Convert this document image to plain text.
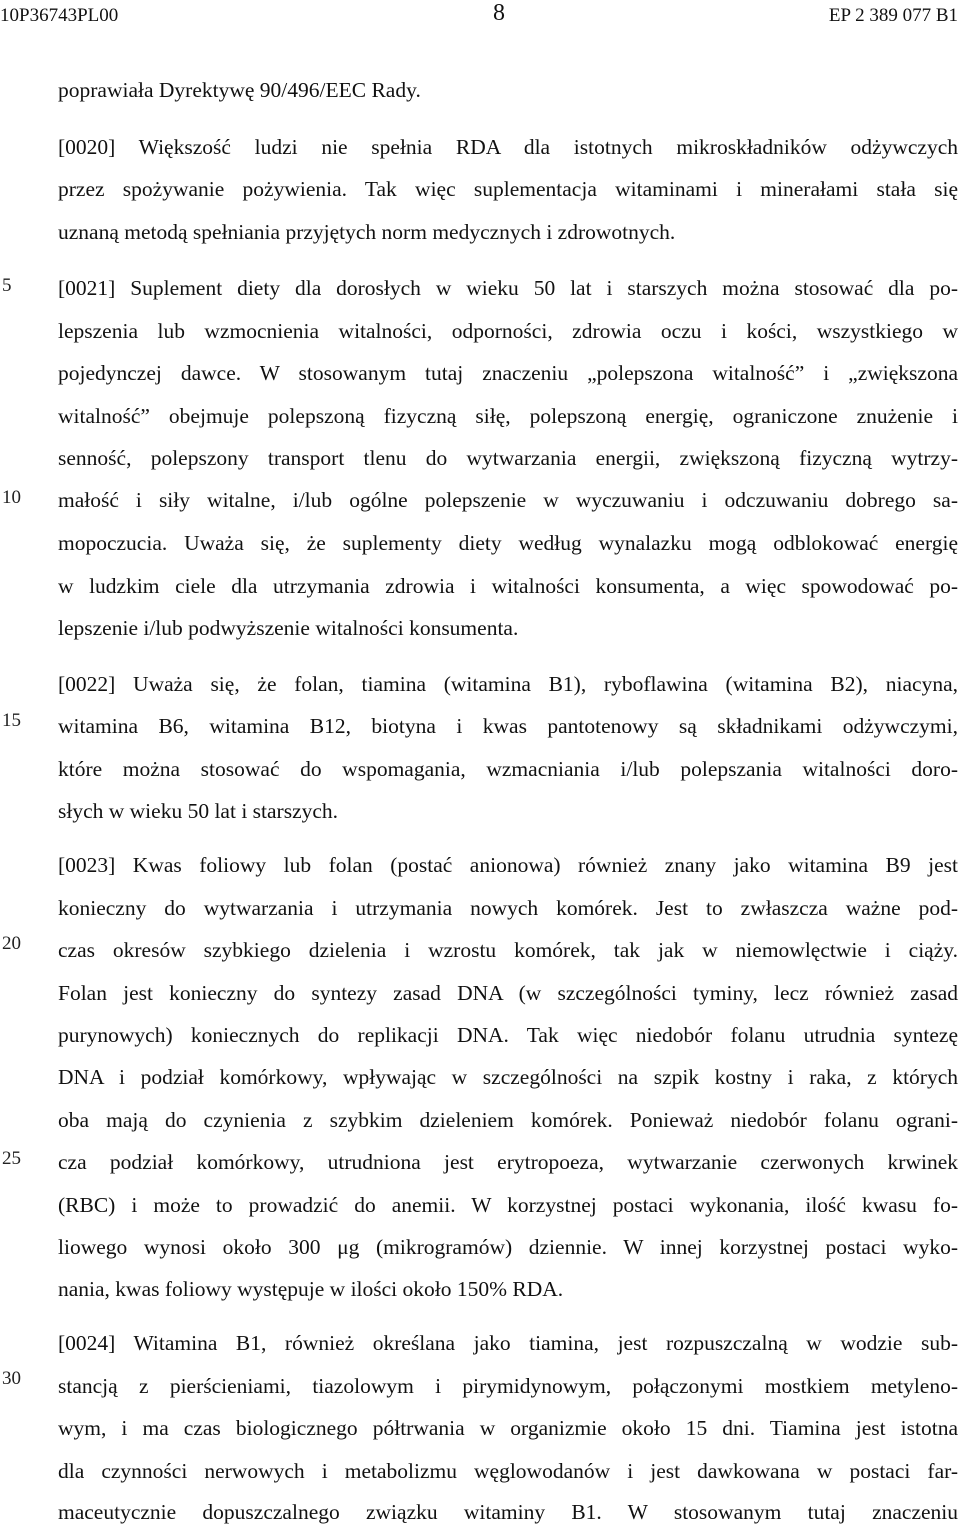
10P36743PL00	8	EP 2 389 077 B1
5
10
15
20
25
30
poprawiała Dyrektywę 90/496/EEC Rady.
[0020] Większość ludzi nie spełnia RDA dla istotnych mikroskładników odżywczych
przez spożywanie pożywienia. Tak więc suplementacja witaminami i minerałami stała się
uznaną metodą spełniania przyjętych norm medycznych i zdrowotnych.
[0021] Suplement diety dla dorosłych w wieku 50 lat i starszych można stosować dla po-
lepszenia lub wzmocnienia witalności, odporności, zdrowia oczu i kości, wszystkiego w
pojedynczej dawce. W stosowanym tutaj znaczeniu „polepszona witalność” i „zwiększona
witalność” obejmuje polepszoną fizyczną siłę, polepszoną energię, ograniczone znużenie i
senność, polepszony transport tlenu do wytwarzania energii, zwiększoną fizyczną wytrzy-
małość i siły witalne, i/lub ogólne polepszenie w wyczuwaniu i odczuwaniu dobrego sa-
mopoczucia. Uważa się, że suplementy diety według wynalazku mogą odblokować energię
w ludzkim ciele dla utrzymania zdrowia i witalności konsumenta, a więc spowodować po-
lepszenie i/lub podwyższenie witalności konsumenta.
[0022] Uważa się, że folan, tiamina (witamina B1), ryboflawina (witamina B2), niacyna,
witamina B6, witamina B12, biotyna i kwas pantotenowy są składnikami odżywczymi,
które można stosować do wspomagania, wzmacniania i/lub polepszania witalności doro-
słych w wieku 50 lat i starszych.
[0023] Kwas foliowy lub folan (postać anionowa) również znany jako witamina B9 jest
konieczny do wytwarzania i utrzymania nowych komórek. Jest to zwłaszcza ważne pod-
czas okresów szybkiego dzielenia i wzrostu komórek, tak jak w niemowlęctwie i ciąży.
Folan jest konieczny do syntezy zasad DNA (w szczególności tyminy, lecz również zasad
purynowych) koniecznych do replikacji DNA. Tak więc niedobór folanu utrudnia syntezę
DNA i podział komórkowy, wpływając w szczególności na szpik kostny i raka, z których
oba mają do czynienia z szybkim dzieleniem komórek. Ponieważ niedobór folanu ograni-
cza podział komórkowy, utrudniona jest erytropoeza, wytwarzanie czerwonych krwinek
(RBC) i może to prowadzić do anemii. W korzystnej postaci wykonania, ilość kwasu fo-
liowego wynosi około 300 μg (mikrogramów) dziennie. W innej korzystnej postaci wyko-
nania, kwas foliowy występuje w ilości około 150% RDA.
[0024] Witamina B1, również określana jako tiamina, jest rozpuszczalną w wodzie sub-
stancją z pierścieniami, tiazolowym i pirymidynowym, połączonymi mostkiem metyleno-
wym, i ma czas biologicznego półtrwania w organizmie około 15 dni. Tiamina jest istotna
dla czynności nerwowych i metabolizmu węglowodanów i jest dawkowana w postaci far-
maceutycznie dopuszczalnego związku witaminy B1. W stosowanym tutaj znaczeniu
